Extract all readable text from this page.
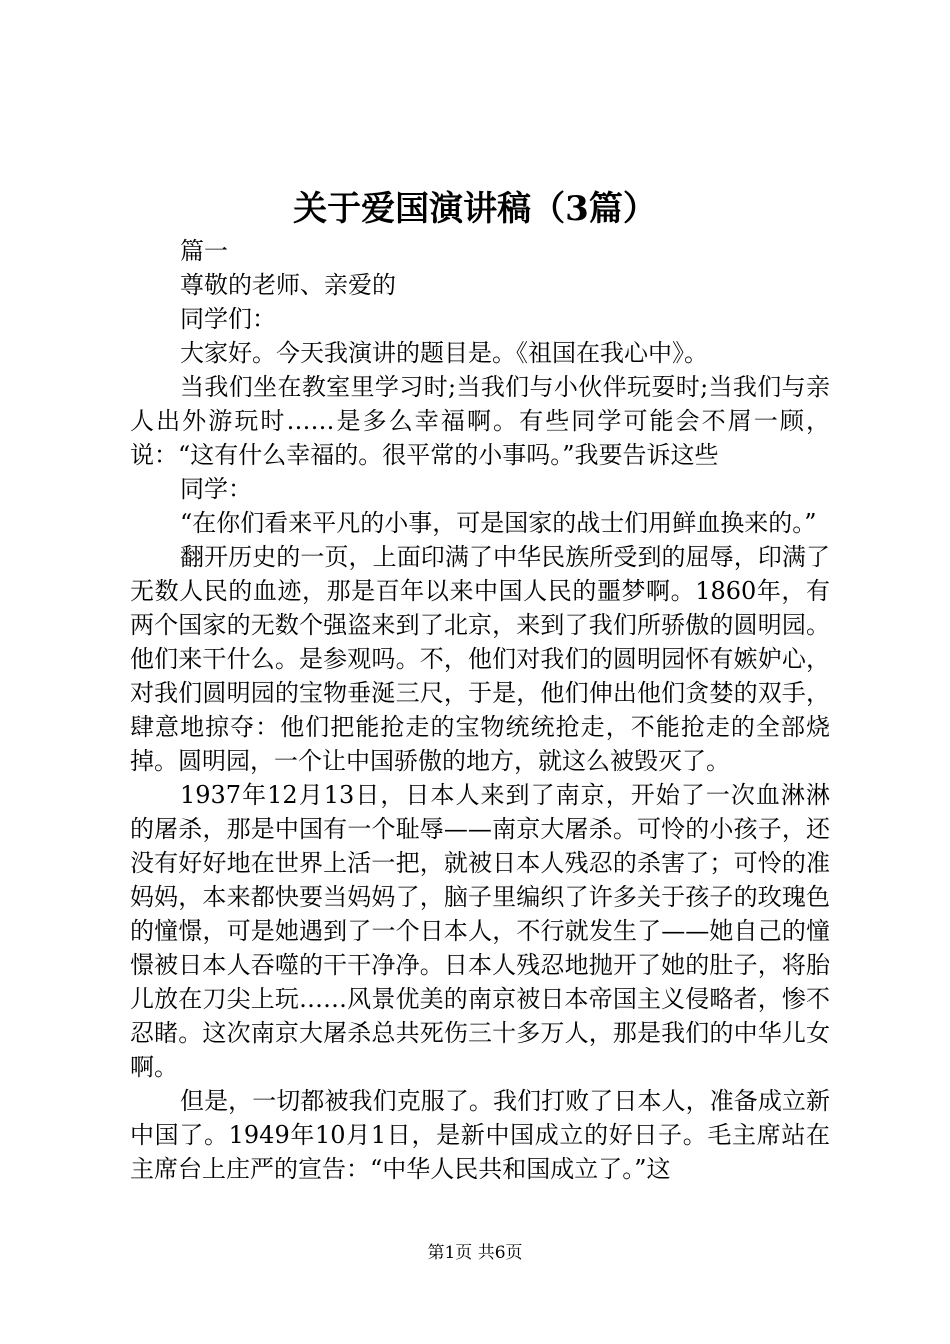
关于爱国演讲稿（3篇）

篇一

尊敬的老师、亲爱的

同学们：

大家好。今天我演讲的题目是。《祖国在我心中》。

当我们坐在教室里学习时;当我们与小伙伴玩耍时;当我们与亲人出外游玩时……是多么幸福啊。有些同学可能会不屑一顾，说：“这有什么幸福的。很平常的小事吗。”我要告诉这些

同学：

“在你们看来平凡的小事，可是国家的战士们用鲜血换来的。”

翻开历史的一页，上面印满了中华民族所受到的屈辱，印满了无数人民的血迹，那是百年以来中国人民的噩梦啊。1860年，有两个国家的无数个强盗来到了北京，来到了我们所骄傲的圆明园。他们来干什么。是参观吗。不，他们对我们的圆明园怀有嫉妒心，对我们圆明园的宝物垂涎三尺，于是，他们伸出他们贪婪的双手，肆意地掠夺：他们把能抢走的宝物统统抢走，不能抢走的全部烧掉。圆明园，一个让中国骄傲的地方，就这么被毁灭了。

1937年12月13日，日本人来到了南京，开始了一次血淋淋的屠杀，那是中国有一个耻辱——南京大屠杀。可怜的小孩子，还没有好好地在世界上活一把，就被日本人残忍的杀害了；可怜的准妈妈，本来都快要当妈妈了，脑子里编织了许多关于孩子的玫瑰色的憧憬，可是她遇到了一个日本人，不行就发生了——她自己的憧憬被日本人吞噬的干干净净。日本人残忍地抛开了她的肚子，将胎儿放在刀尖上玩……风景优美的南京被日本帝国主义侵略者，惨不忍睹。这次南京大屠杀总共死伤三十多万人，那是我们的中华儿女啊。

但是，一切都被我们克服了。我们打败了日本人，准备成立新中国了。1949年10月1日，是新中国成立的好日子。毛主席站在主席台上庄严的宣告：“中华人民共和国成立了。”这

第1页 共6页
